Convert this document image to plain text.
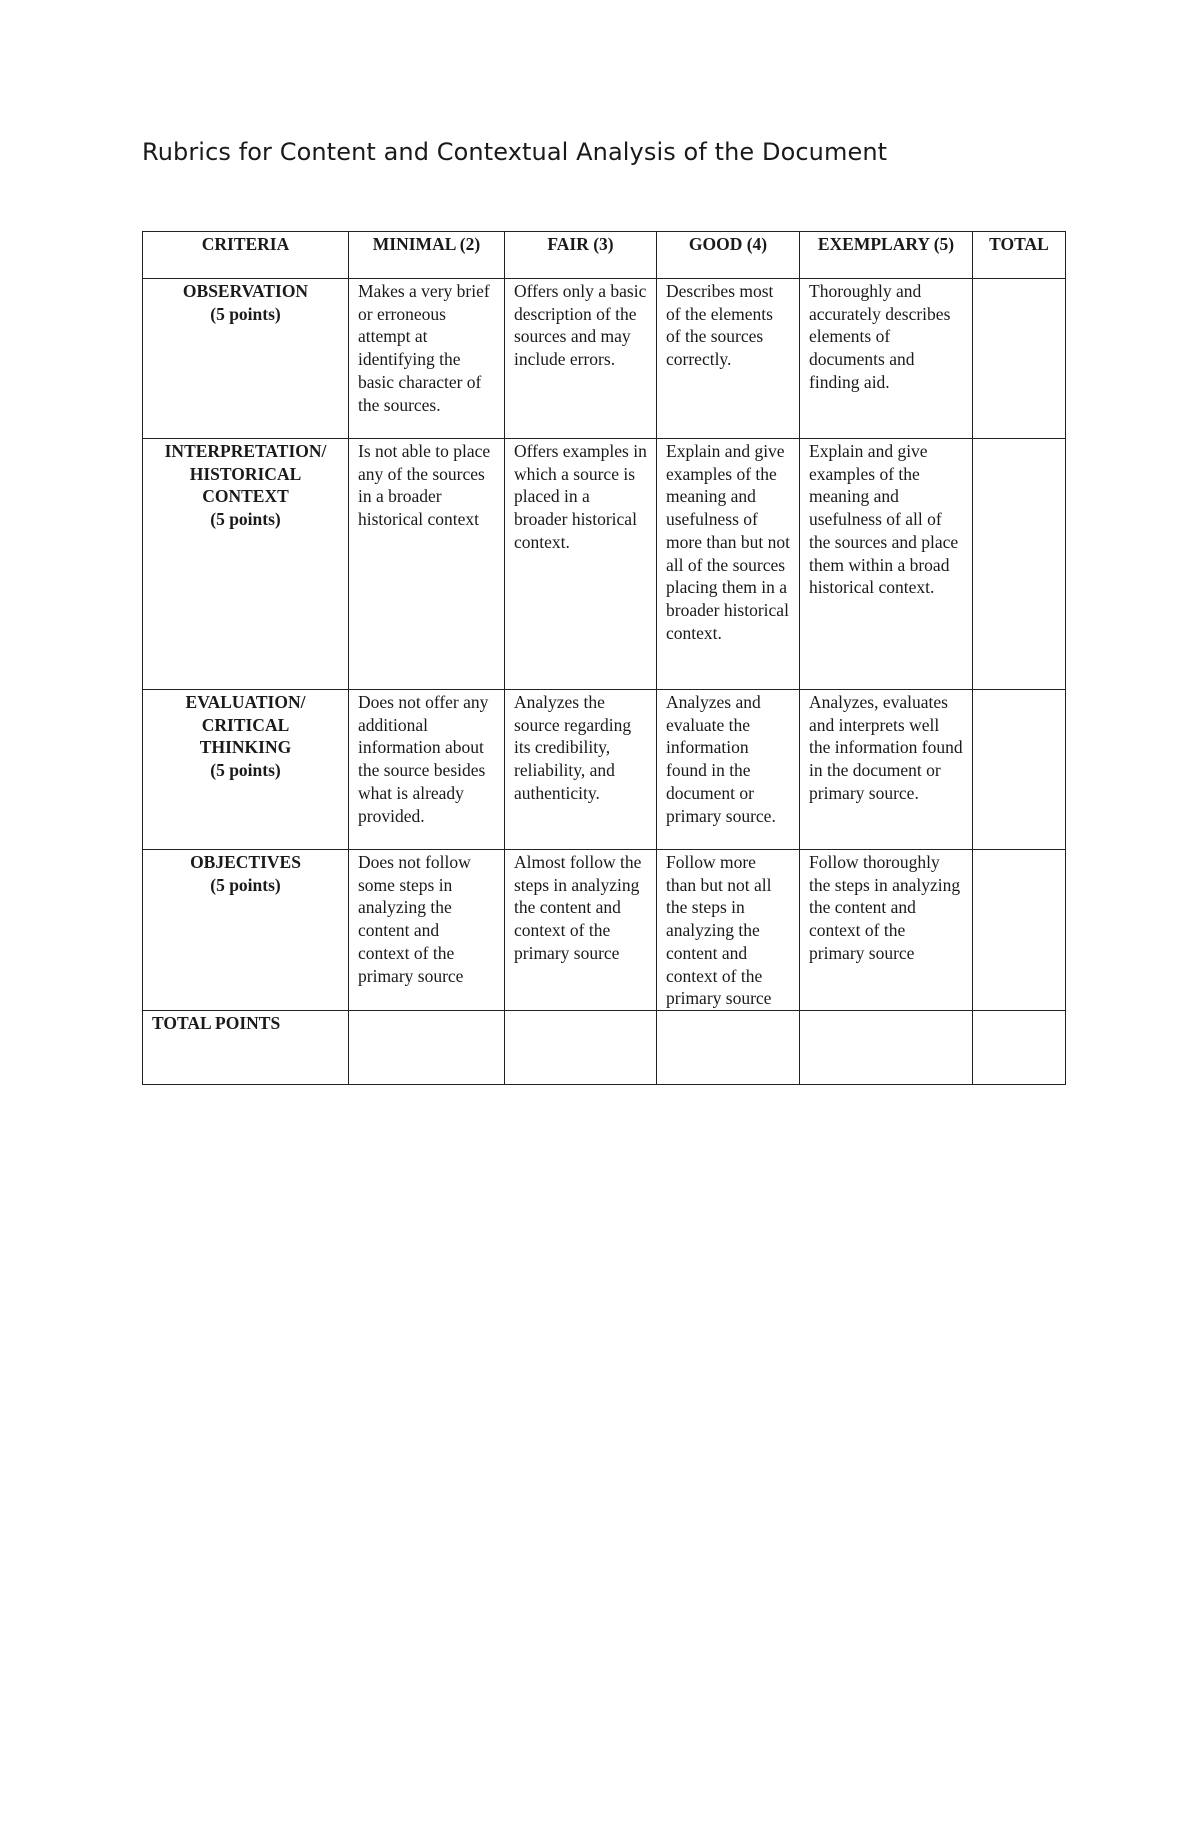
Rubrics for Content and Contextual Analysis of the Document
CRITERIA	MINIMAL (2)	FAIR (3)	GOOD (4)	EXEMPLARY (5)	TOTAL

OBSERVATION
(5 points)	Makes a very brief or erroneous attempt at identifying the basic character of the sources.	Offers only a basic description of the sources and may include errors.	Describes most of the elements of the sources correctly.	Thoroughly and accurately describes elements of documents and finding aid.	

INTERPRETATION/
HISTORICAL
CONTEXT
(5 points)	Is not able to place any of the sources in a broader historical context	Offers examples in which a source is placed in a broader historical context.	Explain and give examples of the meaning and usefulness of more than but not all of the sources placing them in a broader historical context.	Explain and give examples of the meaning and usefulness of all of the sources and place them within a broad historical context.	

EVALUATION/
CRITICAL
THINKING
(5 points)	Does not offer any additional information about the source besides what is already provided.	Analyzes the source regarding its credibility, reliability, and authenticity.	Analyzes and evaluate the information found in the document or primary source.	Analyzes, evaluates and interprets well the information found in the document or primary source.	

OBJECTIVES
(5 points)	Does not follow some steps in analyzing the content and context of the primary source	Almost follow the steps in analyzing the content and context of the primary source	Follow more than but not all the steps in analyzing the content and context of the primary source	Follow thoroughly the steps in analyzing the content and context of the primary source	
TOTAL POINTS					
